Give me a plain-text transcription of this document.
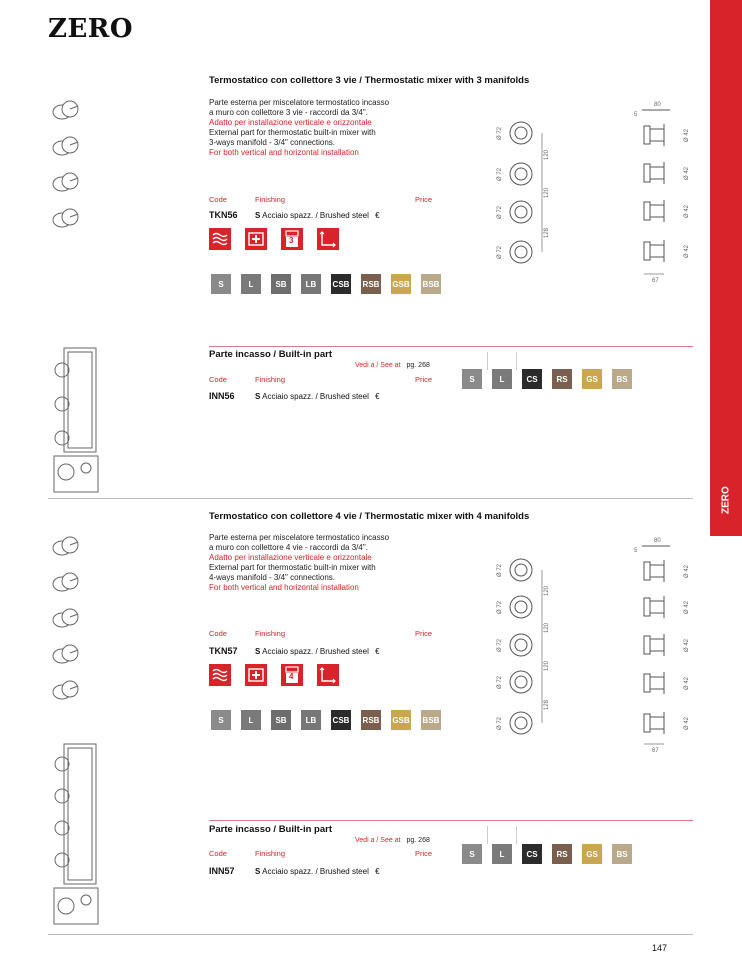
ZERO
ZERO
Termostatico con collettore 3 vie / Thermostatic mixer with 3 manifolds
Parte esterna per miscelatore termostatico incasso
a muro con collettore 3 vie - raccordi da 3/4".
Adatto per installazione verticale e orizzontale
External part for thermostatic built-in mixer with
3-ways manifold - 3/4" connections.
For both vertical and horizontal installation
Code	Finishing	Price
TKN56 S Acciaio spazz. / Brushed steel €
3
S	L	SB	LB	CSB RSB GSB BSB
Ø 72
Ø 72
Ø 72
Ø 72
120
120
128
80
5
Ø 42
Ø 42
Ø 42
Ø 42
67
Parte incasso / Built-in part
Vedi a / See at pg. 268
Code	Finishing	Price
INN56	S Acciaio spazz. / Brushed steel €
S	L	CS	RS	GS	BS
Termostatico con collettore 4 vie / Thermostatic mixer with 4 manifolds
Parte esterna per miscelatore termostatico incasso
a muro con collettore 4 vie - raccordi da 3/4".
Adatto per installazione verticale e orizzontale
External part for thermostatic built-in mixer with
4-ways manifold - 3/4" connections.
For both vertical and horizontal installation
Code	Finishing	Price
TKN57 S Acciaio spazz. / Brushed steel €
4
S	L	SB	LB	CSB RSB GSB BSB
Ø 72
Ø 72
Ø 72
Ø 72
Ø 72
120
120
120
128
80
5
Ø 42
Ø 42
Ø 42
Ø 42
Ø 42
67
Parte incasso / Built-in part
Vedi a / See at pg. 268
Code	Finishing	Price
INN57	S Acciaio spazz. / Brushed steel €
S	L	CS	RS	GS	BS
147
